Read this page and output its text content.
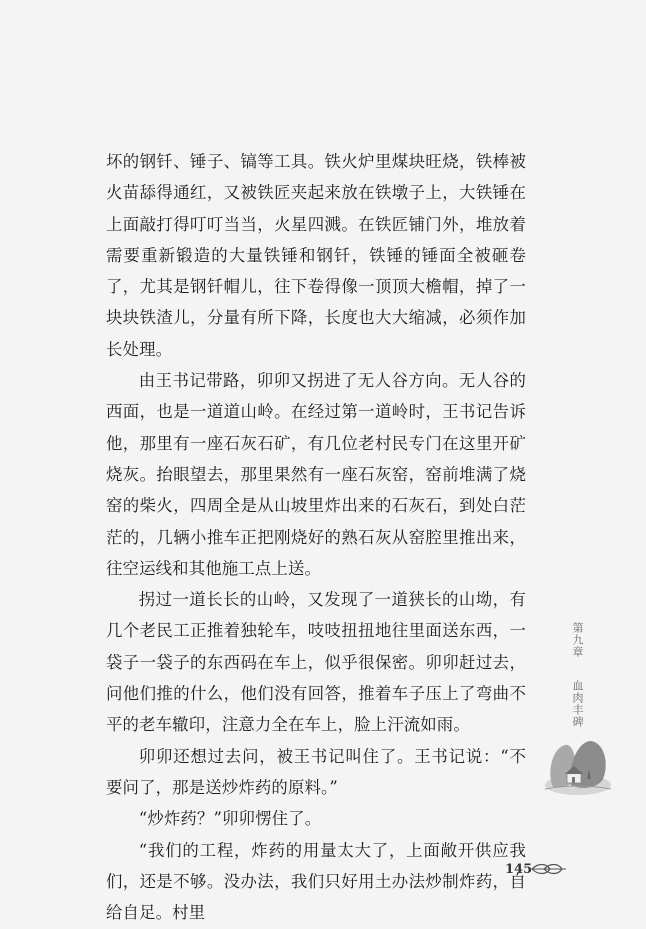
坏的钢钎、锤子、镐等工具。铁火炉里煤块旺烧，铁棒被火苗舔得通红，又被铁匠夹起来放在铁墩子上，大铁锤在上面敲打得叮叮当当，火星四溅。在铁匠铺门外，堆放着需要重新锻造的大量铁锤和钢钎，铁锤的锤面全被砸卷了，尤其是钢钎帽儿，往下卷得像一顶顶大檐帽，掉了一块块铁渣儿，分量有所下降，长度也大大缩减，必须作加长处理。

由王书记带路，卯卯又拐进了无人谷方向。无人谷的西面，也是一道道山岭。在经过第一道岭时，王书记告诉他，那里有一座石灰石矿，有几位老村民专门在这里开矿烧灰。抬眼望去，那里果然有一座石灰窑，窑前堆满了烧窑的柴火，四周全是从山坡里炸出来的石灰石，到处白茫茫的，几辆小推车正把刚烧好的熟石灰从窑腔里推出来，往空运线和其他施工点上送。

拐过一道长长的山岭，又发现了一道狭长的山坳，有几个老民工正推着独轮车，吱吱扭扭地往里面送东西，一袋子一袋子的东西码在车上，似乎很保密。卯卯赶过去，问他们推的什么，他们没有回答，推着车子压上了弯曲不平的老车辙印，注意力全在车上，脸上汗流如雨。

卯卯还想过去问，被王书记叫住了。王书记说：“不要问了，那是送炒炸药的原料。”

“炒炸药？”卯卯愣住了。

“我们的工程，炸药的用量太大了，上面敞开供应我们，还是不够。没办法，我们只好用土办法炒制炸药，自给自足。村里

第九章
血肉丰碑
145
